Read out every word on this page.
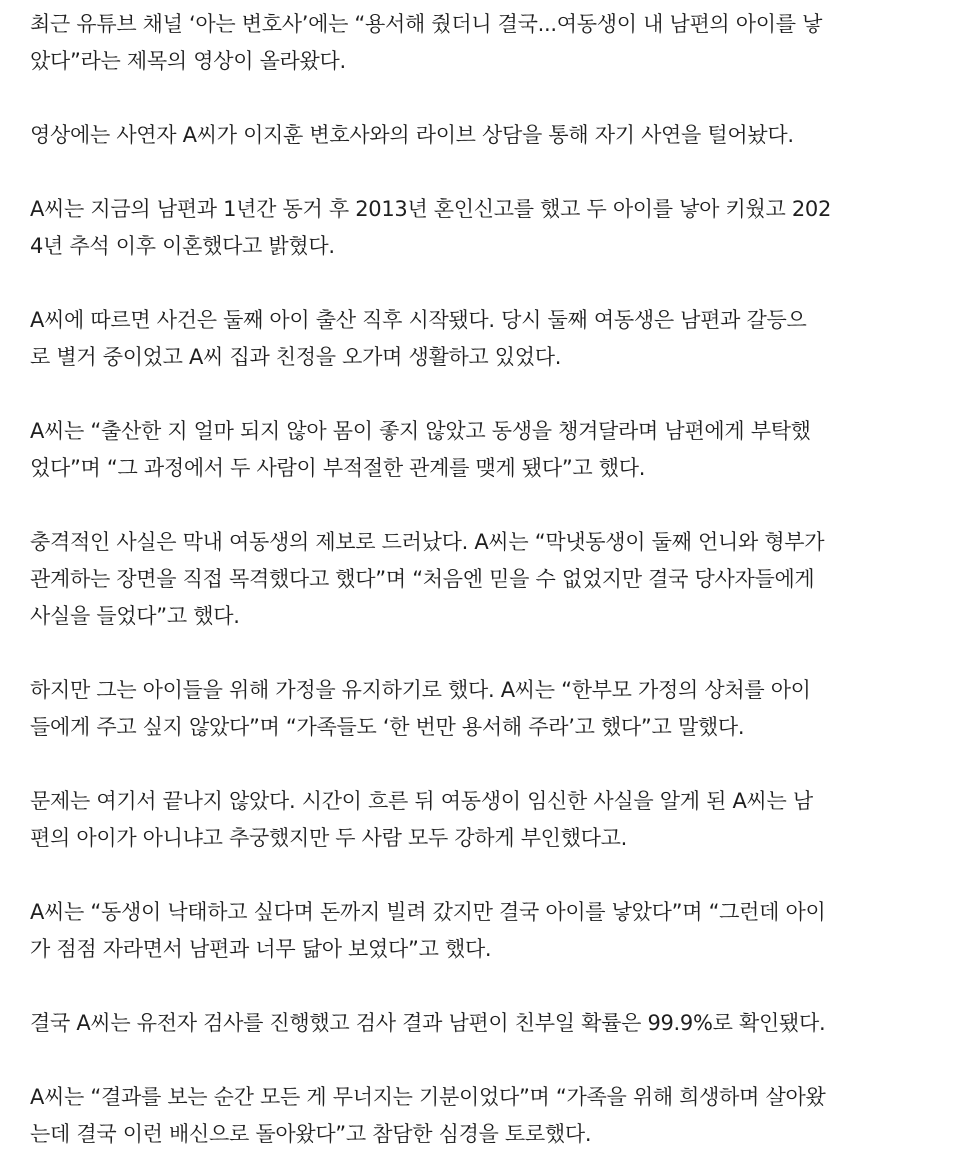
최근 유튜브 채널 ‘아는 변호사’에는 “용서해 줬더니 결국...여동생이 내 남편의 아이를 낳
았다”라는 제목의 영상이 올라왔다.

영상에는 사연자 A씨가 이지훈 변호사와의 라이브 상담을 통해 자기 사연을 털어놨다.

A씨는 지금의 남편과 1년간 동거 후 2013년 혼인신고를 했고 두 아이를 낳아 키웠고 202
4년 추석 이후 이혼했다고 밝혔다.

A씨에 따르면 사건은 둘째 아이 출산 직후 시작됐다. 당시 둘째 여동생은 남편과 갈등으
로 별거 중이었고 A씨 집과 친정을 오가며 생활하고 있었다.

A씨는 “출산한 지 얼마 되지 않아 몸이 좋지 않았고 동생을 챙겨달라며 남편에게 부탁했
었다”며 “그 과정에서 두 사람이 부적절한 관계를 맺게 됐다”고 했다.

충격적인 사실은 막내 여동생의 제보로 드러났다. A씨는 “막냇동생이 둘째 언니와 형부가
관계하는 장면을 직접 목격했다고 했다”며 “처음엔 믿을 수 없었지만 결국 당사자들에게
사실을 들었다”고 했다.

하지만 그는 아이들을 위해 가정을 유지하기로 했다. A씨는 “한부모 가정의 상처를 아이
들에게 주고 싶지 않았다”며 “가족들도 ‘한 번만 용서해 주라’고 했다”고 말했다.

문제는 여기서 끝나지 않았다. 시간이 흐른 뒤 여동생이 임신한 사실을 알게 된 A씨는 남
편의 아이가 아니냐고 추궁했지만 두 사람 모두 강하게 부인했다고.

A씨는 “동생이 낙태하고 싶다며 돈까지 빌려 갔지만 결국 아이를 낳았다”며 “그런데 아이
가 점점 자라면서 남편과 너무 닮아 보였다”고 했다.

결국 A씨는 유전자 검사를 진행했고 검사 결과 남편이 친부일 확률은 99.9%로 확인됐다.

A씨는 “결과를 보는 순간 모든 게 무너지는 기분이었다”며 “가족을 위해 희생하며 살아왔
는데 결국 이런 배신으로 돌아왔다”고 참담한 심경을 토로했다.
